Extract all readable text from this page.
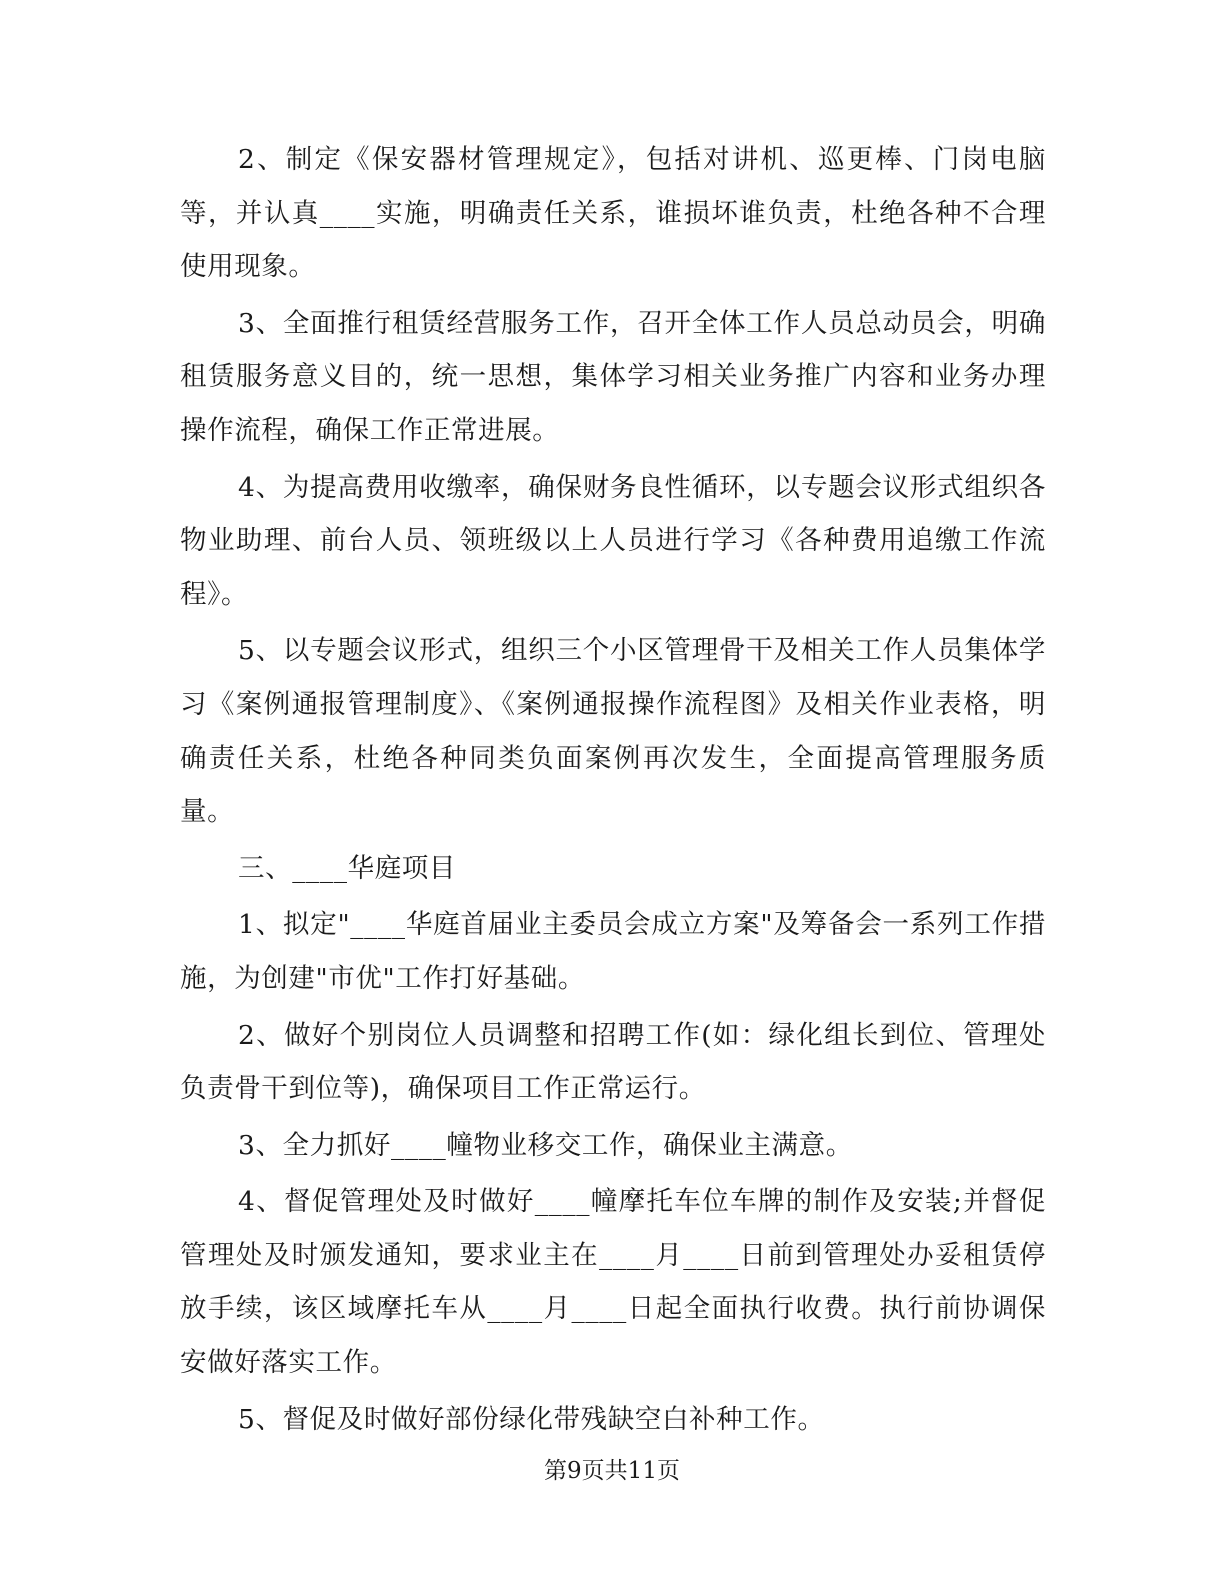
2、制定《保安器材管理规定》，包括对讲机、巡更棒、门岗电脑等，并认真____实施，明确责任关系，谁损坏谁负责，杜绝各种不合理使用现象。

3、全面推行租赁经营服务工作，召开全体工作人员总动员会，明确租赁服务意义目的，统一思想，集体学习相关业务推广内容和业务办理操作流程，确保工作正常进展。

4、为提高费用收缴率，确保财务良性循环，以专题会议形式组织各物业助理、前台人员、领班级以上人员进行学习《各种费用追缴工作流程》。

5、以专题会议形式，组织三个小区管理骨干及相关工作人员集体学习《案例通报管理制度》、《案例通报操作流程图》及相关作业表格，明确责任关系，杜绝各种同类负面案例再次发生，全面提高管理服务质量。

三、____华庭项目

1、拟定"____华庭首届业主委员会成立方案"及筹备会一系列工作措施，为创建"市优"工作打好基础。

2、做好个别岗位人员调整和招聘工作(如：绿化组长到位、管理处负责骨干到位等)，确保项目工作正常运行。

3、全力抓好____幢物业移交工作，确保业主满意。

4、督促管理处及时做好____幢摩托车位车牌的制作及安装;并督促管理处及时颁发通知，要求业主在____月____日前到管理处办妥租赁停放手续，该区域摩托车从____月____日起全面执行收费。执行前协调保安做好落实工作。

5、督促及时做好部份绿化带残缺空白补种工作。

第9页共11页
